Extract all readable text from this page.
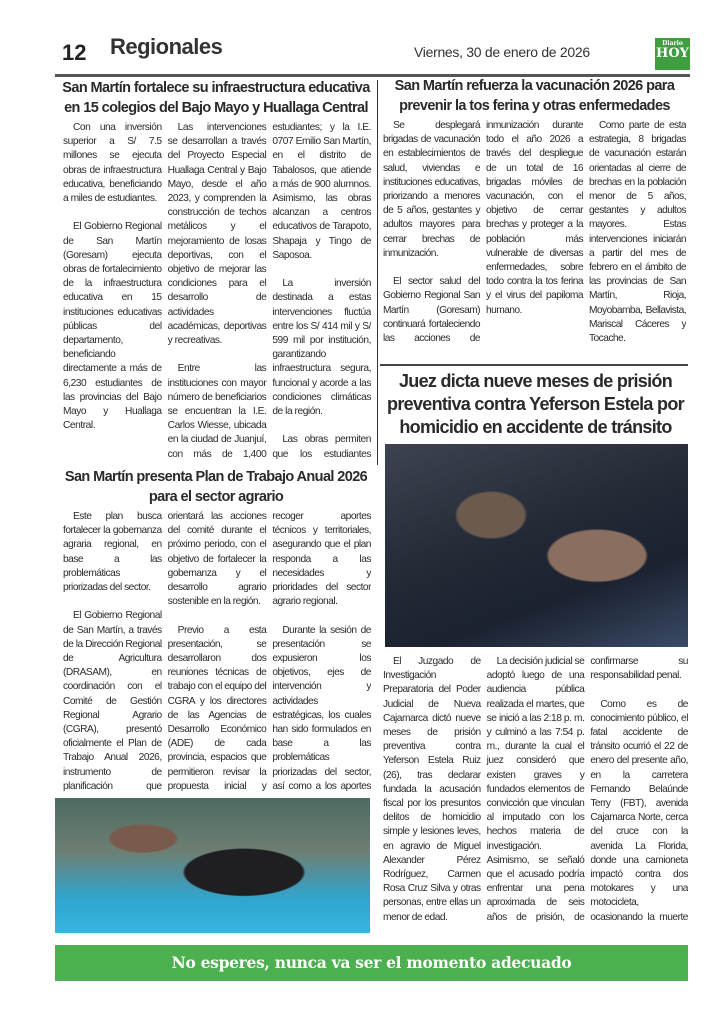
12 Regionales	Viernes, 30 de enero de 2026
Diario
HOY
San Martín fortalece su infraestructura educativa en 15 colegios del Bajo Mayo y Huallaga Central

Con una inversión superior a S/ 7.5 millones se ejecuta obras de infraestructura educativa, beneficiando a miles de estudiantes.

El Gobierno Regional de San Martín (Goresam) ejecuta obras de fortalecimiento de la infraestructura educativa en 15 instituciones educativas públicas del departamento, beneficiando directamente a más de 6,230 estudiantes de las provincias del Bajo Mayo y Huallaga Central.

Las intervenciones se desarrollan a través del Proyecto Especial Huallaga Central y Bajo Mayo, desde el año 2023, y comprenden la construcción de techos metálicos y el mejoramiento de losas deportivas, con el objetivo de mejorar las condiciones para el desarrollo de actividades académicas, deportivas y recreativas.

Entre las instituciones con mayor número de beneficiarios se encuentran la I.E. Carlos Wiesse, ubicada en la ciudad de Juanjuí, con más de 1,400 estudiantes; y la I.E. 0707 Emilio San Martín, en el distrito de Tabalosos, que atiende a más de 900 alumnos. Asimismo, las obras alcanzan a centros educativos de Tarapoto, Shapaja y Tingo de Saposoa.

La inversión destinada a estas intervenciones fluctúa entre los S/ 414 mil y S/ 599 mil por institución, garantizando infraestructura segura, funcional y acorde a las condiciones climáticas de la región.

Las obras permiten que los estudiantes

San Martín refuerza la vacunación 2026 para prevenir la tos ferina y otras enfermedades

Se desplegará brigadas de vacunación en establecimientos de salud, viviendas e instituciones educativas, priorizando a menores de 5 años, gestantes y adultos mayores para cerrar brechas de inmunización.

El sector salud del Gobierno Regional San Martín (Goresam) continuará fortaleciendo las acciones de inmunización durante todo el año 2026 a través del despliegue de un total de 16 brigadas móviles de vacunación, con el objetivo de cerrar brechas y proteger a la población más vulnerable de diversas enfermedades, sobre todo contra la tos ferina y el virus del papiloma humano.

Como parte de esta estrategia, 8 brigadas de vacunación estarán orientadas al cierre de brechas en la población menor de 5 años, gestantes y adultos mayores. Estas intervenciones iniciarán a partir del mes de febrero en el ámbito de las provincias de San Martín, Rioja, Moyobamba, Bellavista, Mariscal Cáceres y Tocache.

San Martín presenta Plan de Trabajo Anual 2026 para el sector agrario

Este plan busca fortalecer la gobernanza agraria regional, en base a las problemáticas priorizadas del sector.

El Gobierno Regional de San Martín, a través de la Dirección Regional de Agricultura (DRASAM), en coordinación con el Comité de Gestión Regional Agrario (CGRA), presentó oficialmente el Plan de Trabajo Anual 2026, instrumento de planificación que orientará las acciones del comité durante el próximo periodo, con el objetivo de fortalecer la gobernanza y el desarrollo agrario sostenible en la región.

Previo a esta presentación, se desarrollaron dos reuniones técnicas de trabajo con el equipo del CGRA y los directores de las Agencias de Desarrollo Económico (ADE) de cada provincia, espacios que permitieron revisar la propuesta inicial y recoger aportes técnicos y territoriales, asegurando que el plan responda a las necesidades y prioridades del sector agrario regional.

Durante la sesión de presentación se expusieron los objetivos, ejes de intervención y actividades estratégicas, los cuales han sido formulados en base a las problemáticas priorizadas del sector, así como a los aportes

Juez dicta nueve meses de prisión preventiva contra Yeferson Estela por homicidio en accidente de tránsito

El Juzgado de Investigación Preparatoria del Poder Judicial de Nueva Cajamarca dictó nueve meses de prisión preventiva contra Yeferson Estela Ruiz (26), tras declarar fundada la acusación fiscal por los presuntos delitos de homicidio simple y lesiones leves, en agravio de Miguel Alexander Pérez Rodríguez, Carmen Rosa Cruz Silva y otras personas, entre ellas un menor de edad.

La decisión judicial se adoptó luego de una audiencia pública realizada el martes, que se inició a las 2:18 p. m. y culminó a las 7:54 p. m., durante la cual el juez consideró que existen graves y fundados elementos de convicción que vinculan al imputado con los hechos materia de investigación. Asimismo, se señaló que el acusado podría enfrentar una pena aproximada de seis años de prisión, de confirmarse su responsabilidad penal.

Como es de conocimiento público, el fatal accidente de tránsito ocurrió el 22 de enero del presente año, en la carretera Fernando Belaúnde Terry (FBT), avenida Cajamarca Norte, cerca del cruce con la avenida La Florida, donde una camioneta impactó contra dos motokares y una motocicleta, ocasionando la muerte

No esperes, nunca va ser el momento adecuado
